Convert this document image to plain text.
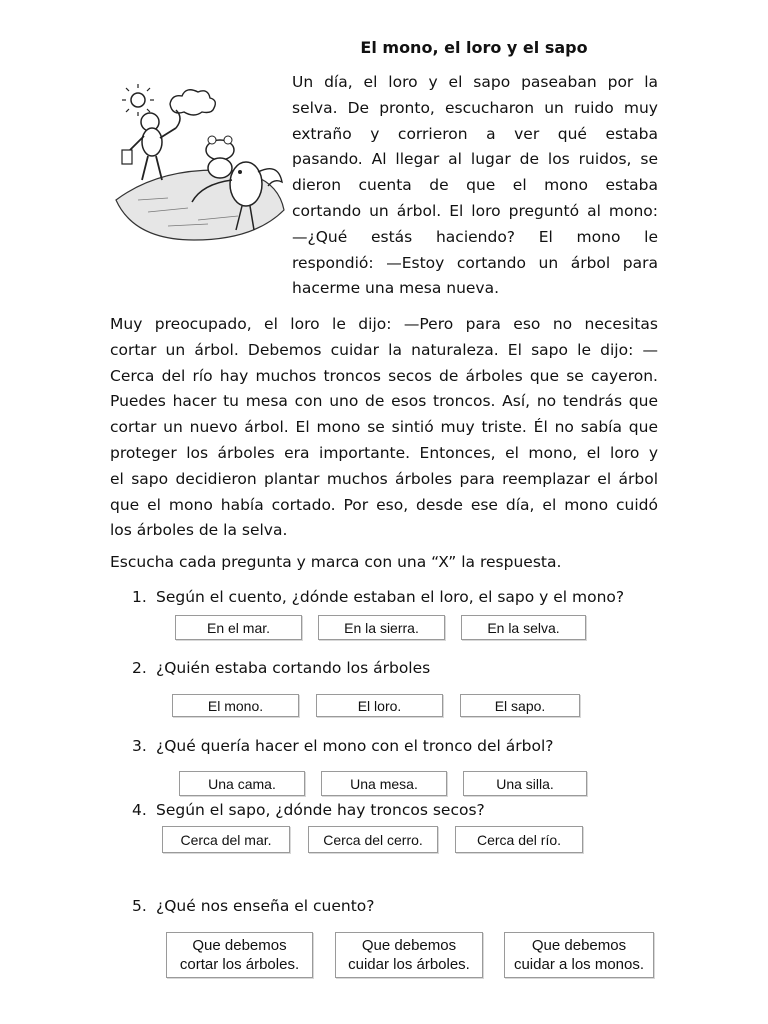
El mono, el loro y el sapo
Un día, el loro y el sapo paseaban por la
selva. De pronto, escucharon un ruido muy
extraño y corrieron a ver qué estaba
pasando. Al llegar al lugar de los ruidos, se
dieron cuenta de que el mono estaba
cortando un árbol. El loro preguntó al mono:
—¿Qué estás haciendo? El mono le
respondió: —Estoy cortando un árbol para
hacerme una mesa nueva.
Muy preocupado, el loro le dijo: —Pero para eso no necesitas
cortar un árbol. Debemos cuidar la naturaleza. El sapo le dijo: —
Cerca del río hay muchos troncos secos de árboles que se cayeron.
Puedes hacer tu mesa con uno de esos troncos. Así, no tendrás que
cortar un nuevo árbol. El mono se sintió muy triste. Él no sabía que
proteger los árboles era importante. Entonces, el mono, el loro y
el sapo decidieron plantar muchos árboles para reemplazar el árbol
que el mono había cortado. Por eso, desde ese día, el mono cuidó
los árboles de la selva.
Escucha cada pregunta y marca con una “X” la respuesta.
1. Según el cuento, ¿dónde estaban el loro, el sapo y el mono?
En el mar.	En la sierra.	En la selva.
2. ¿Quién estaba cortando los árboles
El mono.	El loro.	El sapo.
3. ¿Qué quería hacer el mono con el tronco del árbol?
Una cama.	Una mesa.	Una silla.
4. Según el sapo, ¿dónde hay troncos secos?
Cerca del mar.	Cerca del cerro.	Cerca del río.
5. ¿Qué nos enseña el cuento?
Que debemos
cortar los árboles.
Que debemos
cuidar los árboles.
Que debemos
cuidar a los monos.
